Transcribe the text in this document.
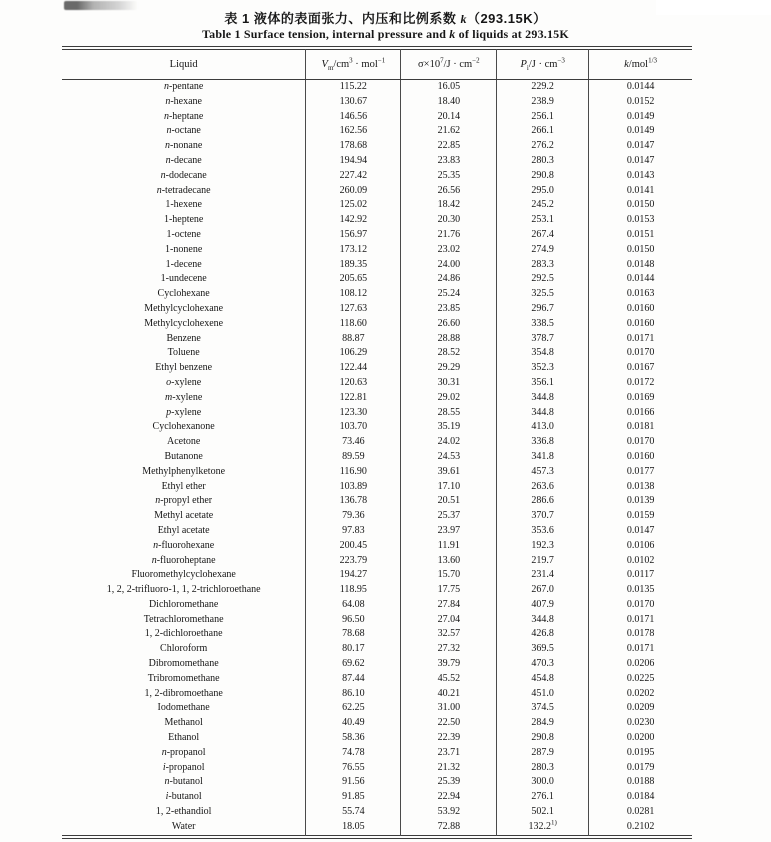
表 1 液体的表面张力、内压和比例系数 k（293.15K）
Table 1 Surface tension, internal pressure and k of liquids at 293.15K
Liquid	$V_m/cm^3 \cdot mol^{-1}$	$\sigma\times 10^7/J \cdot cm^{-2}$	$P_i/J \cdot cm^{-3}$	k/mol$^{1/3}$
n-pentane	115.22	16.05	229.2	0.0144
n-hexane	130.67	18.40	238.9	0.0152
n-heptane	146.56	20.14	256.1	0.0149
n-octane	162.56	21.62	266.1	0.0149
n-nonane	178.68	22.85	276.2	0.0147
n-decane	194.94	23.83	280.3	0.0147
n-dodecane	227.42	25.35	290.8	0.0143
n-tetradecane	260.09	26.56	295.0	0.0141
1-hexene	125.02	18.42	245.2	0.0150
1-heptene	142.92	20.30	253.1	0.0153
1-octene	156.97	21.76	267.4	0.0151
1-nonene	173.12	23.02	274.9	0.0150
1-decene	189.35	24.00	283.3	0.0148
1-undecene	205.65	24.86	292.5	0.0144
Cyclohexane	108.12	25.24	325.5	0.0163
Methylcyclohexane	127.63	23.85	296.7	0.0160
Methylcyclohexene	118.60	26.60	338.5	0.0160
Benzene	88.87	28.88	378.7	0.0171
Toluene	106.29	28.52	354.8	0.0170
Ethyl benzene	122.44	29.29	352.3	0.0167
o-xylene	120.63	30.31	356.1	0.0172
m-xylene	122.81	29.02	344.8	0.0169
p-xylene	123.30	28.55	344.8	0.0166
Cyclohexanone	103.70	35.19	413.0	0.0181
Acetone	73.46	24.02	336.8	0.0170
Butanone	89.59	24.53	341.8	0.0160
Methylphenylketone	116.90	39.61	457.3	0.0177
Ethyl ether	103.89	17.10	263.6	0.0138
n-propyl ether	136.78	20.51	286.6	0.0139
Methyl acetate	79.36	25.37	370.7	0.0159
Ethyl acetate	97.83	23.97	353.6	0.0147
n-fluorohexane	200.45	11.91	192.3	0.0106
n-fluoroheptane	223.79	13.60	219.7	0.0102
Fluoromethylcyclohexane	194.27	15.70	231.4	0.0117
1, 2, 2-trifluoro-1, 1, 2-trichloroethane	118.95	17.75	267.0	0.0135
Dichloromethane	64.08	27.84	407.9	0.0170
Tetrachloromethane	96.50	27.04	344.8	0.0171
1, 2-dichloroethane	78.68	32.57	426.8	0.0178
Chloroform	80.17	27.32	369.5	0.0171
Dibromomethane	69.62	39.79	470.3	0.0206
Tribromomethane	87.44	45.52	454.8	0.0225
1, 2-dibromoethane	86.10	40.21	451.0	0.0202
Iodomethane	62.25	31.00	374.5	0.0209
Methanol	40.49	22.50	284.9	0.0230
Ethanol	58.36	22.39	290.8	0.0200
n-propanol	74.78	23.71	287.9	0.0195
i-propanol	76.55	21.32	280.3	0.0179
n-butanol	91.56	25.39	300.0	0.0188
i-butanol	91.85	22.94	276.1	0.0184
1, 2-ethandiol	55.74	53.92	502.1	0.0281
Water	18.05	72.88	132.2$^{1)}$	0.2102
